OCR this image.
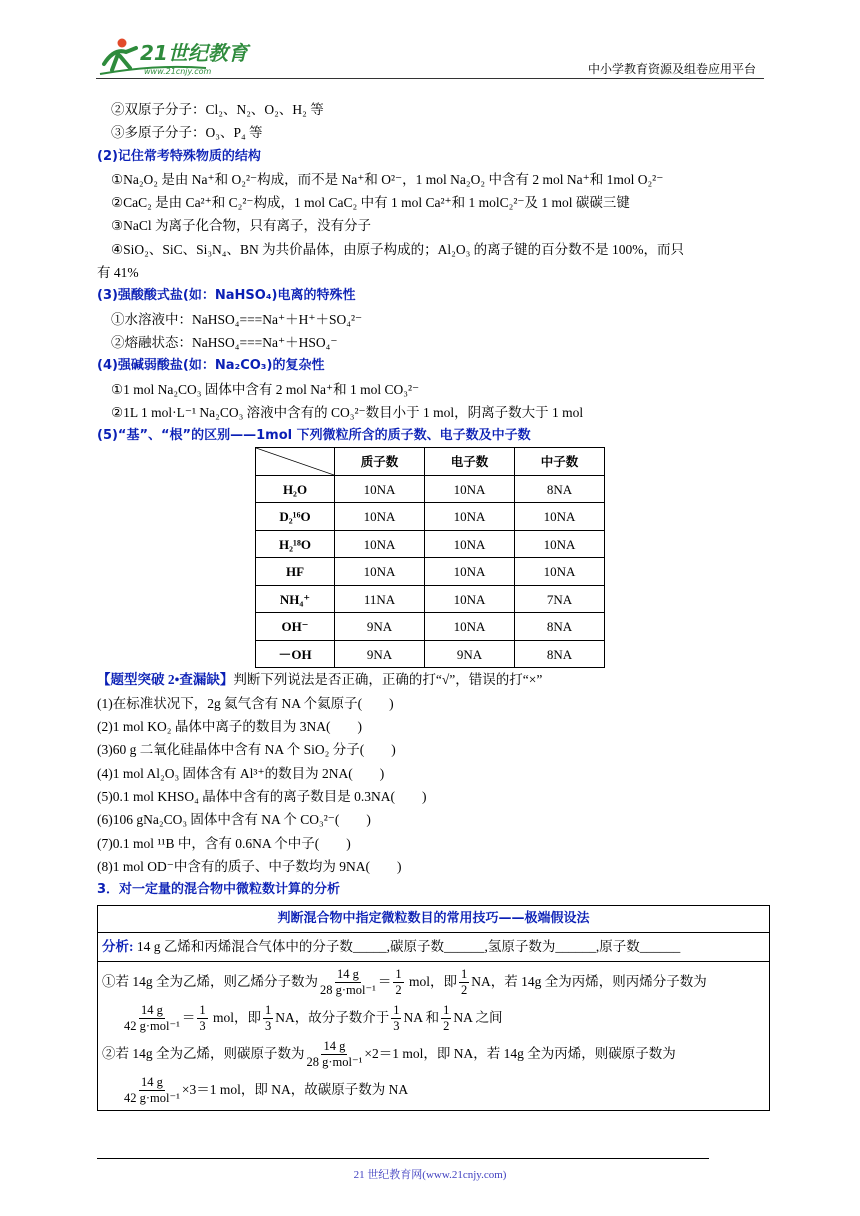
21世纪教育
www.21cnjy.com	中小学教育资源及组卷应用平台
②双原子分子：Cl₂、N₂、O₂、H₂ 等
③多原子分子：O₃、P₄ 等
(2)记住常考特殊物质的结构
①Na₂O₂ 是由 Na⁺和 O₂²⁻构成，而不是 Na⁺和 O²⁻，1 mol Na₂O₂ 中含有 2 mol Na⁺和 1mol O₂²⁻
②CaC₂ 是由 Ca²⁺和 C₂²⁻构成，1 mol CaC₂ 中有 1 mol Ca²⁺和 1 molC₂²⁻及 1 mol 碳碳三键
③NaCl 为离子化合物，只有离子，没有分子
④SiO₂、SiC、Si₃N₄、BN 为共价晶体，由原子构成的；Al₂O₃ 的离子键的百分数不是 100%，而只
有 41%
(3)强酸酸式盐(如：NaHSO₄)电离的特殊性
①水溶液中：NaHSO₄===Na⁺＋H⁺＋SO₄²⁻
②熔融状态：NaHSO₄===Na⁺＋HSO₄⁻
(4)强碱弱酸盐(如：Na₂CO₃)的复杂性
①1 mol Na₂CO₃ 固体中含有 2 mol Na⁺和 1 mol CO₃²⁻
②1L 1 mol·L⁻¹ Na₂CO₃ 溶液中含有的 CO₃²⁻数目小于 1 mol，阴离子数大于 1 mol
(5)“基”、“根”的区别——1mol 下列微粒所含的质子数、电子数及中子数
	质子数	电子数	中子数
H₂O	10NA	10NA	8NA
D₂¹⁶O	10NA	10NA	10NA
H₂¹⁸O	10NA	10NA	10NA
HF	10NA	10NA	10NA
NH₄⁺	11NA	10NA	7NA
OH⁻	9NA	10NA	8NA
－OH	9NA	9NA	8NA
【题型突破 2•查漏缺】判断下列说法是否正确，正确的打“√”，错误的打“×”
(1)在标准状况下，2g 氦气含有 NA 个氦原子(　　)
(2)1 mol KO₂ 晶体中离子的数目为 3NA(　　)
(3)60 g 二氧化硅晶体中含有 NA 个 SiO₂ 分子(　　)
(4)1 mol Al₂O₃ 固体含有 Al³⁺的数目为 2NA(　　)
(5)0.1 mol KHSO₄ 晶体中含有的离子数目是 0.3NA(　　)
(6)106 gNa₂CO₃ 固体中含有 NA 个 CO₃²⁻(　　)
(7)0.1 mol ¹¹B 中，含有 0.6NA 个中子(　　)
(8)1 mol OD⁻中含有的质子、中子数均为 9NA(　　)
3．对一定量的混合物中微粒数计算的分析
判断混合物中指定微粒数目的常用技巧——极端假设法
分析: 14 g 乙烯和丙烯混合气体中的分子数_____,碳原子数______,氢原子数为______,原子数______
①若 14g 全为乙烯，则乙烯分子数为 $\frac{14 g}{\text{28 g·mol⁻¹}} = \frac{1}{2}$ mol，即 $\frac{1}{2}$ NA，若 14g 全为丙烯，则丙烯分子数为
$\frac{14 g}{\text{42 g·mol⁻¹}} = \frac{1}{3}$ mol，即 $\frac{1}{3}$ NA，故分子数介于 $\frac{1}{3}$ NA 和 $\frac{1}{2}$ NA 之间
②若 14g 全为乙烯，则碳原子数为 $\frac{14 g}{\text{28 g·mol⁻¹}} \times 2=1$ mol，即 NA，若 14g 全为丙烯，则碳原子数为
$\frac{14 g}{\text{42 g·mol⁻¹}} \times 3=1$ mol，即 NA，故碳原子数为 NA
21 世纪教育网(www.21cnjy.com)
